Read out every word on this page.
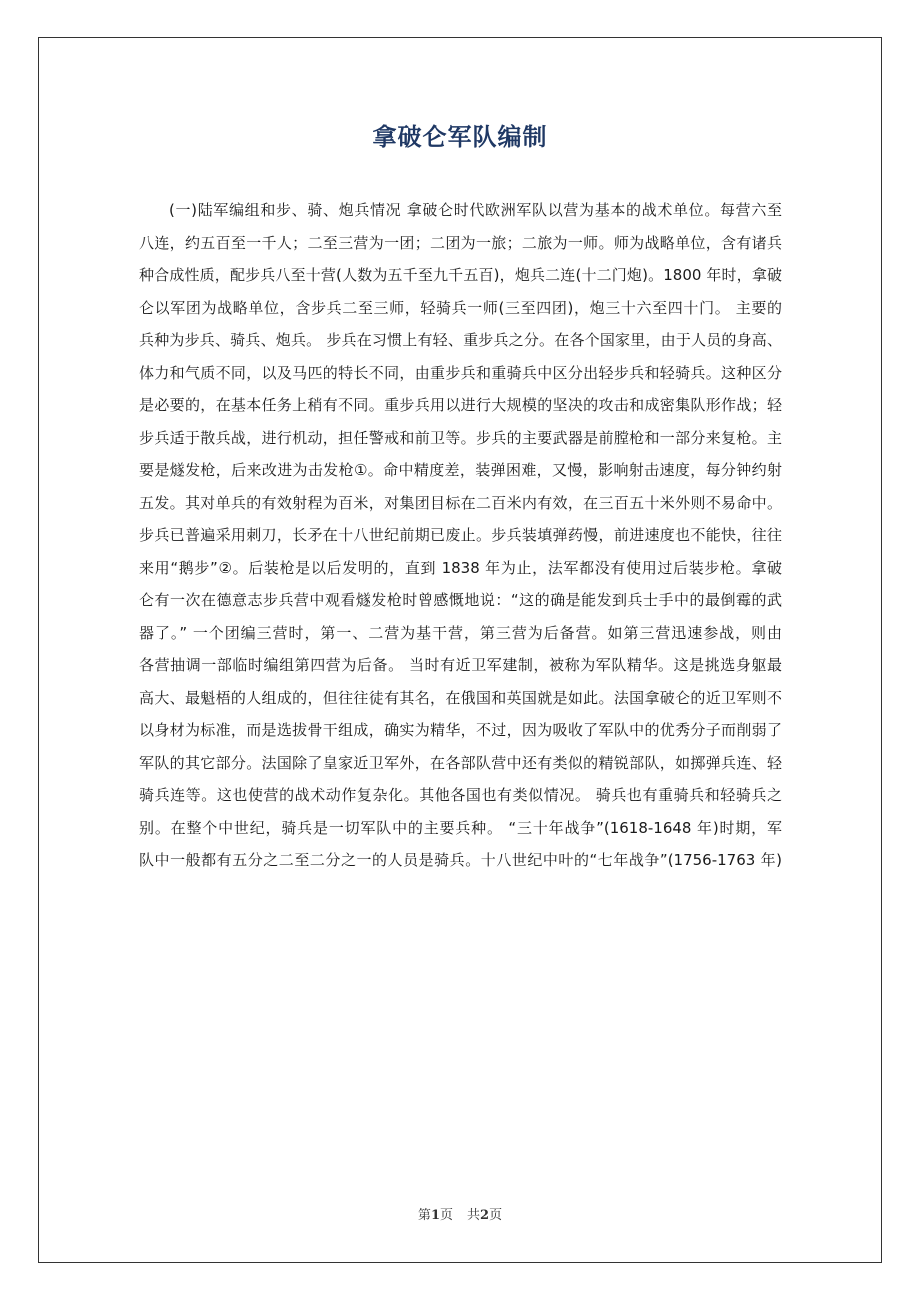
拿破仑军队编制
(一)陆军编组和步、骑、炮兵情况 拿破仑时代欧洲军队以营为基本的战术单位。每营六至
八连，约五百至一千人；二至三营为一团；二团为一旅；二旅为一师。师为战略单位，含有诸兵
种合成性质，配步兵八至十营(人数为五千至九千五百)，炮兵二连(十二门炮)。1800 年时，拿破
仑以军团为战略单位，含步兵二至三师，轻骑兵一师(三至四团)，炮三十六至四十门。 主要的
兵种为步兵、骑兵、炮兵。 步兵在习惯上有轻、重步兵之分。在各个国家里，由于人员的身高、
体力和气质不同，以及马匹的特长不同，由重步兵和重骑兵中区分出轻步兵和轻骑兵。这种区分
是必要的，在基本任务上稍有不同。重步兵用以进行大规模的坚决的攻击和成密集队形作战；轻
步兵适于散兵战，进行机动，担任警戒和前卫等。步兵的主要武器是前膛枪和一部分来复枪。主
要是燧发枪，后来改进为击发枪①。命中精度差，装弹困难，又慢，影响射击速度，每分钟约射
五发。其对单兵的有效射程为百米，对集团目标在二百米内有效，在三百五十米外则不易命中。
步兵已普遍采用刺刀，长矛在十八世纪前期已废止。步兵装填弹药慢，前进速度也不能快，往往
来用“鹅步”②。后装枪是以后发明的，直到 1838 年为止，法军都没有使用过后装步枪。拿破
仑有一次在德意志步兵营中观看燧发枪时曾感慨地说：“这的确是能发到兵士手中的最倒霉的武
器了。” 一个团编三营时，第一、二营为基干营，第三营为后备营。如第三营迅速参战，则由
各营抽调一部临时编组第四营为后备。 当时有近卫军建制，被称为军队精华。这是挑选身躯最
高大、最魁梧的人组成的，但往往徒有其名，在俄国和英国就是如此。法国拿破仑的近卫军则不
以身材为标准，而是选拔骨干组成，确实为精华，不过，因为吸收了军队中的优秀分子而削弱了
军队的其它部分。法国除了皇家近卫军外，在各部队营中还有类似的精锐部队，如掷弹兵连、轻
骑兵连等。这也使营的战术动作复杂化。其他各国也有类似情况。 骑兵也有重骑兵和轻骑兵之
别。在整个中世纪，骑兵是一切军队中的主要兵种。 “三十年战争”(1618-1648 年)时期，军
队中一般都有五分之二至二分之一的人员是骑兵。十八世纪中叶的“七年战争”(1756-1763 年)
第1页 共2页
